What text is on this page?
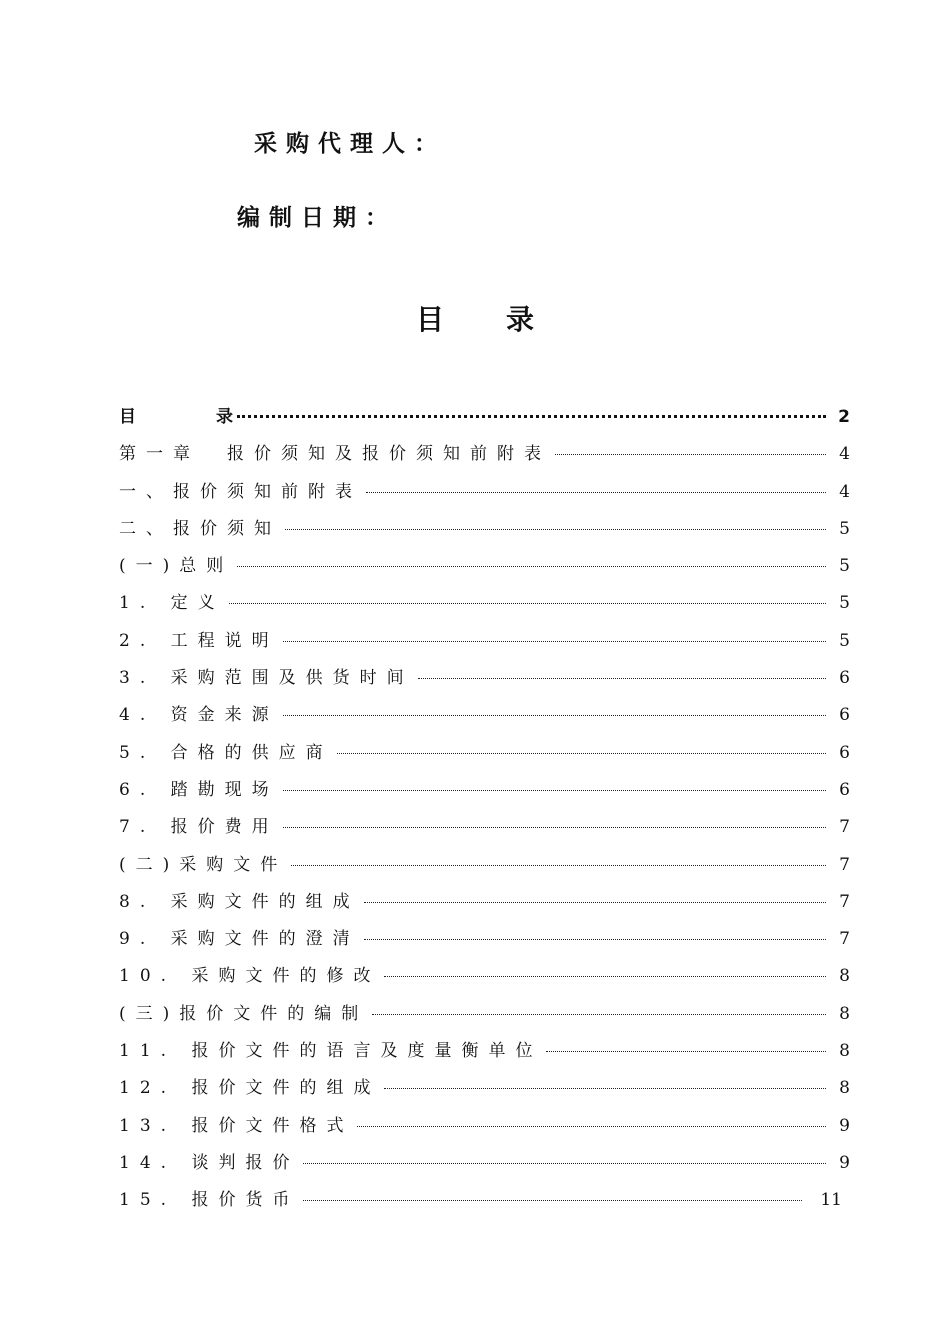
采购代理人：
编制日期：
目 录
目	录	2
第一章　报价须知及报价须知前附表	4
一、报价须知前附表	4
二、报价须知	5
(一)总则	5
1. 定义	5
2. 工程说明	5
3. 采购范围及供货时间	6
4. 资金来源	6
5. 合格的供应商	6
6. 踏勘现场	6
7. 报价费用	7
(二)采购文件	7
8. 采购文件的组成	7
9. 采购文件的澄清	7
10. 采购文件的修改	8
(三)报价文件的编制	8
11. 报价文件的语言及度量衡单位	8
12. 报价文件的组成	8
13. 报价文件格式	9
14. 谈判报价	9
15. 报价货币	11
